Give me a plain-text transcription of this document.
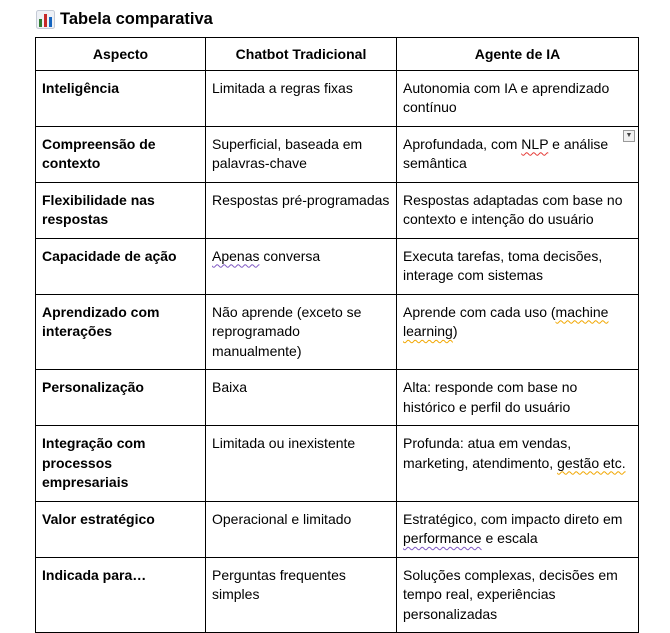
Tabela comparativa
Aspecto	Chatbot Tradicional	Agente de IA
Inteligência	Limitada a regras fixas	Autonomia com IA e aprendizado contínuo
Compreensão de contexto	Superficial, baseada em palavras-chave	Aprofundada, com NLP e análise semântica
▼

Flexibilidade nas respostas	Respostas pré-programadas	Respostas adaptadas com base no contexto e intenção do usuário
Capacidade de ação	Apenas conversa	Executa tarefas, toma decisões, interage com sistemas
Aprendizado com interações	Não aprende (exceto se reprogramado manualmente)	Aprende com cada uso (machine learning)
Personalização	Baixa	Alta: responde com base no histórico e perfil do usuário
Integração com processos empresariais	Limitada ou inexistente	Profunda: atua em vendas, marketing, atendimento, gestão etc.
Valor estratégico	Operacional e limitado	Estratégico, com impacto direto em performance e escala
Indicada para…	Perguntas frequentes simples	Soluções complexas, decisões em tempo real, experiências personalizadas
